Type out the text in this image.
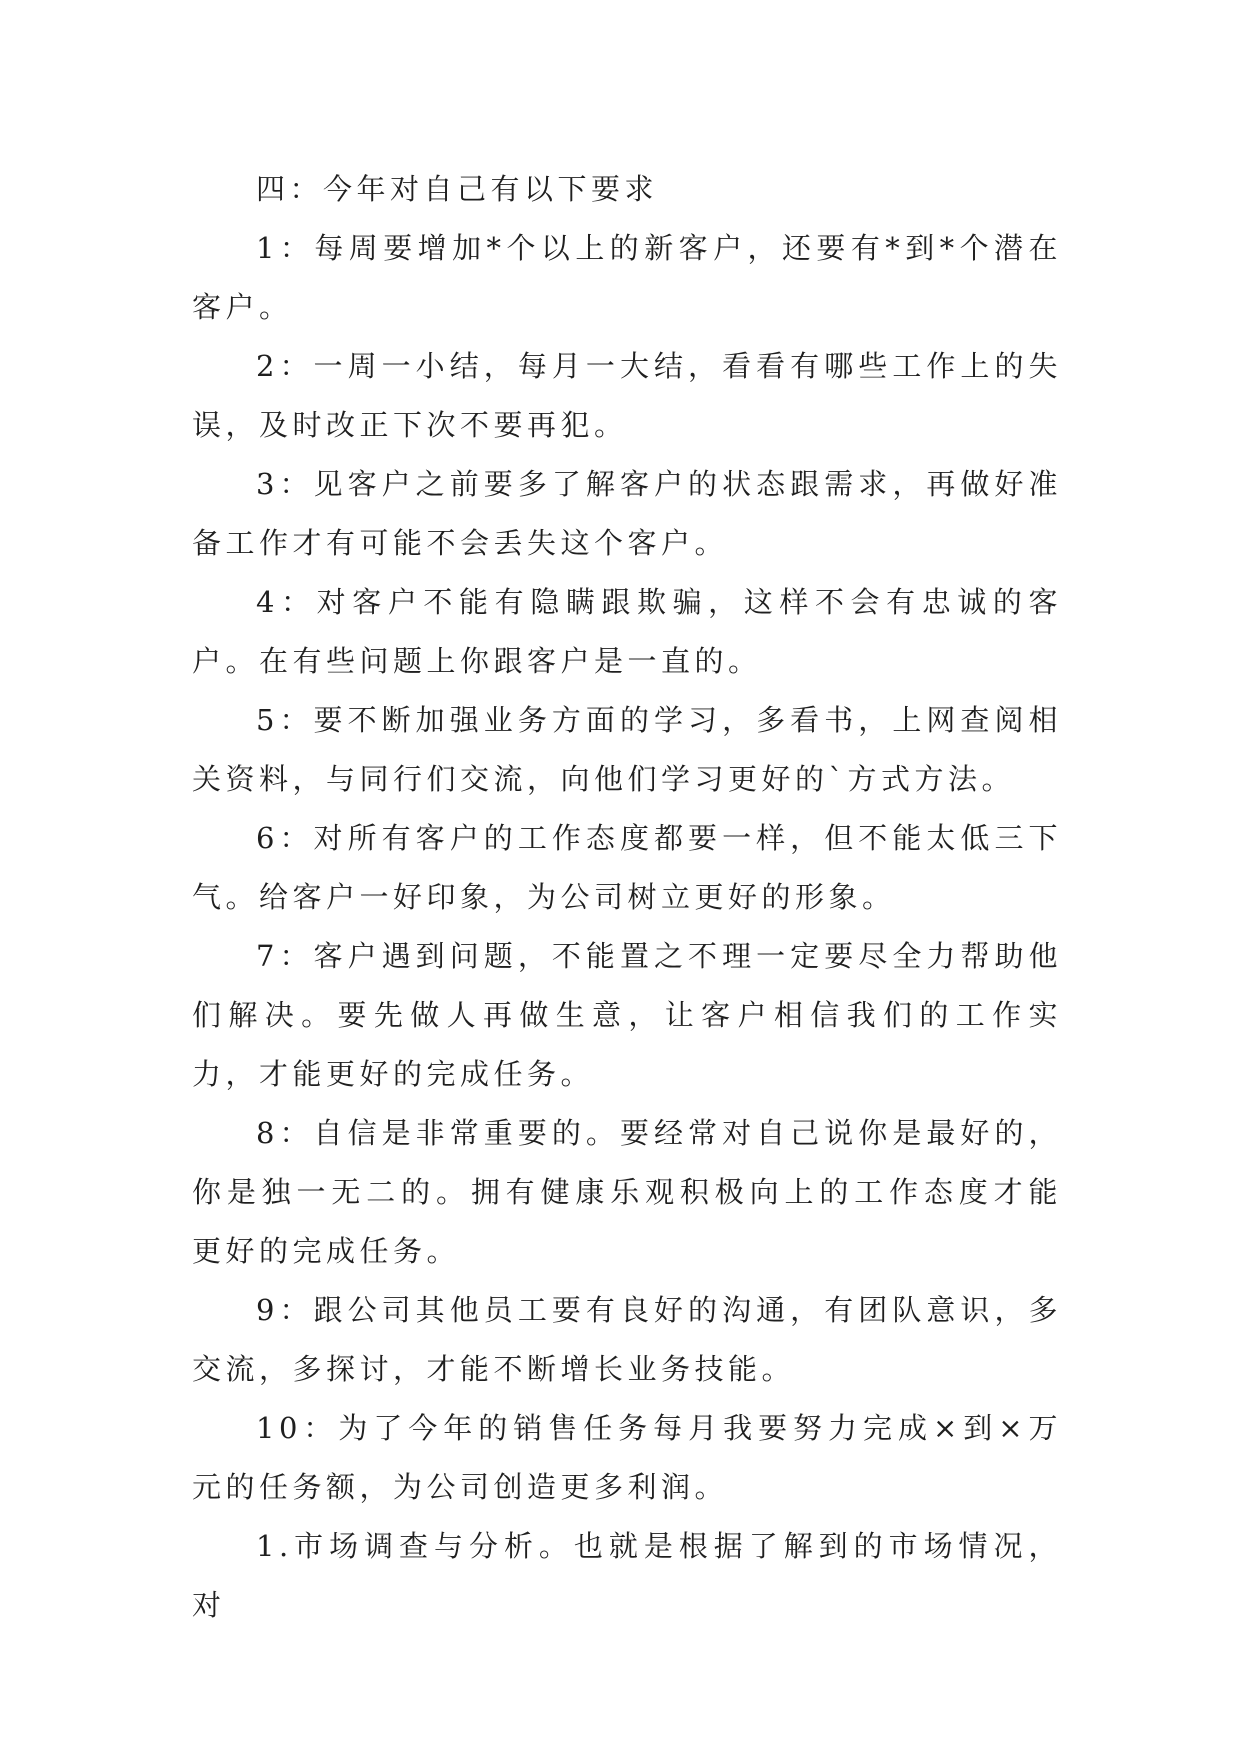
四：今年对自己有以下要求

1：每周要增加*个以上的新客户，还要有*到*个潜在客户。

2：一周一小结，每月一大结，看看有哪些工作上的失误，及时改正下次不要再犯。

3：见客户之前要多了解客户的状态跟需求，再做好准备工作才有可能不会丢失这个客户。

4：对客户不能有隐瞒跟欺骗，这样不会有忠诚的客户。在有些问题上你跟客户是一直的。

5：要不断加强业务方面的学习，多看书，上网查阅相关资料，与同行们交流，向他们学习更好的`方式方法。

6：对所有客户的工作态度都要一样，但不能太低三下气。给客户一好印象，为公司树立更好的形象。

7：客户遇到问题，不能置之不理一定要尽全力帮助他们解决。要先做人再做生意，让客户相信我们的工作实力，才能更好的完成任务。

8：自信是非常重要的。要经常对自己说你是最好的，你是独一无二的。拥有健康乐观积极向上的工作态度才能更好的完成任务。

9：跟公司其他员工要有良好的沟通，有团队意识，多交流，多探讨，才能不断增长业务技能。

10：为了今年的销售任务每月我要努力完成×到×万元的任务额，为公司创造更多利润。

1.市场调查与分析。也就是根据了解到的市场情况，对
